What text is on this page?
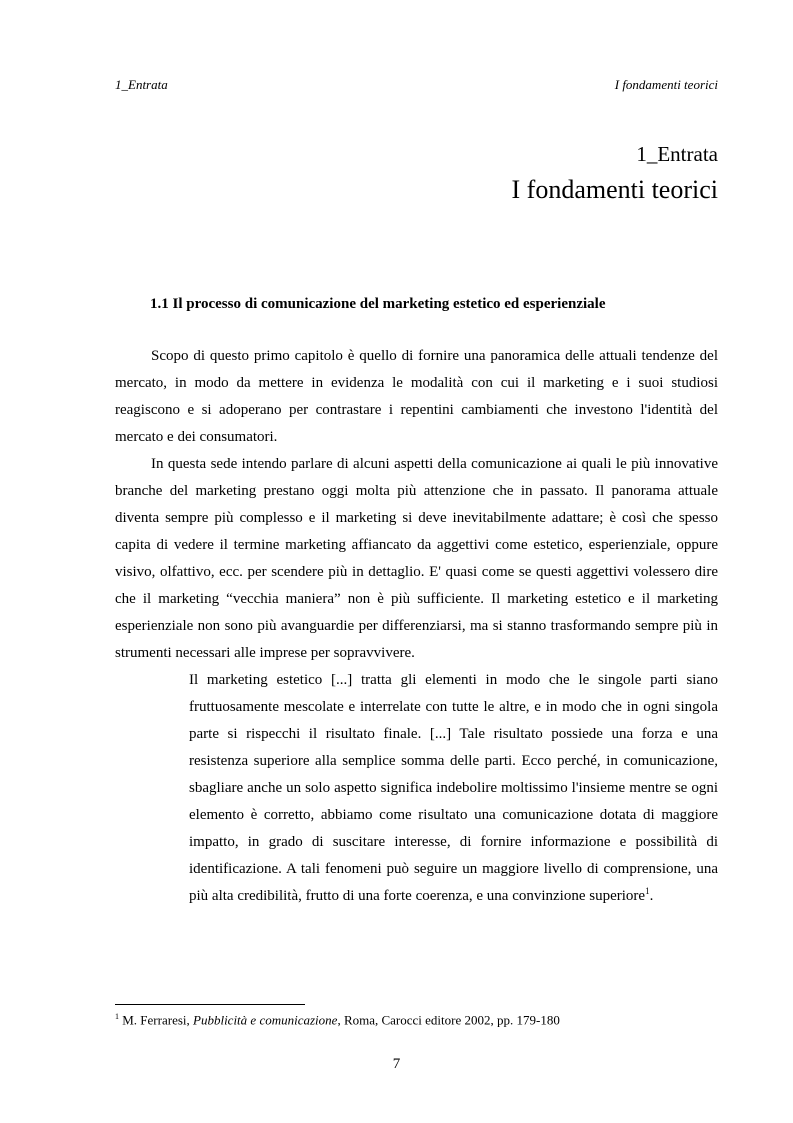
1_Entrata	I fondamenti teorici
1_Entrata
I fondamenti teorici
1.1 Il processo di comunicazione del marketing estetico ed esperienziale

Scopo di questo primo capitolo è quello di fornire una panoramica delle attuali tendenze del mercato, in modo da mettere in evidenza le modalità con cui il marketing e i suoi studiosi reagiscono e si adoperano per contrastare i repentini cambiamenti che investono l'identità del mercato e dei consumatori.

In questa sede intendo parlare di alcuni aspetti della comunicazione ai quali le più innovative branche del marketing prestano oggi molta più attenzione che in passato. Il panorama attuale diventa sempre più complesso e il marketing si deve inevitabilmente adattare; è così che spesso capita di vedere il termine marketing affiancato da aggettivi come estetico, esperienziale, oppure visivo, olfattivo, ecc. per scendere più in dettaglio. E' quasi come se questi aggettivi volessero dire che il marketing “vecchia maniera” non è più sufficiente. Il marketing estetico e il marketing esperienziale non sono più avanguardie per differenziarsi, ma si stanno trasformando sempre più in strumenti necessari alle imprese per sopravvivere.

Il marketing estetico [...] tratta gli elementi in modo che le singole parti siano fruttuosamente mescolate e interrelate con tutte le altre, e in modo che in ogni singola parte si rispecchi il risultato finale. [...] Tale risultato possiede una forza e una resistenza superiore alla semplice somma delle parti. Ecco perché, in comunicazione, sbagliare anche un solo aspetto significa indebolire moltissimo l'insieme mentre se ogni elemento è corretto, abbiamo come risultato una comunicazione dotata di maggiore impatto, in grado di suscitare interesse, di fornire informazione e possibilità di identificazione. A tali fenomeni può seguire un maggiore livello di comprensione, una più alta credibilità, frutto di una forte coerenza, e una convinzione superiore$^1$.

$^1$ M. Ferraresi, Pubblicità e comunicazione, Roma, Carocci editore 2002, pp. 179-180
7
